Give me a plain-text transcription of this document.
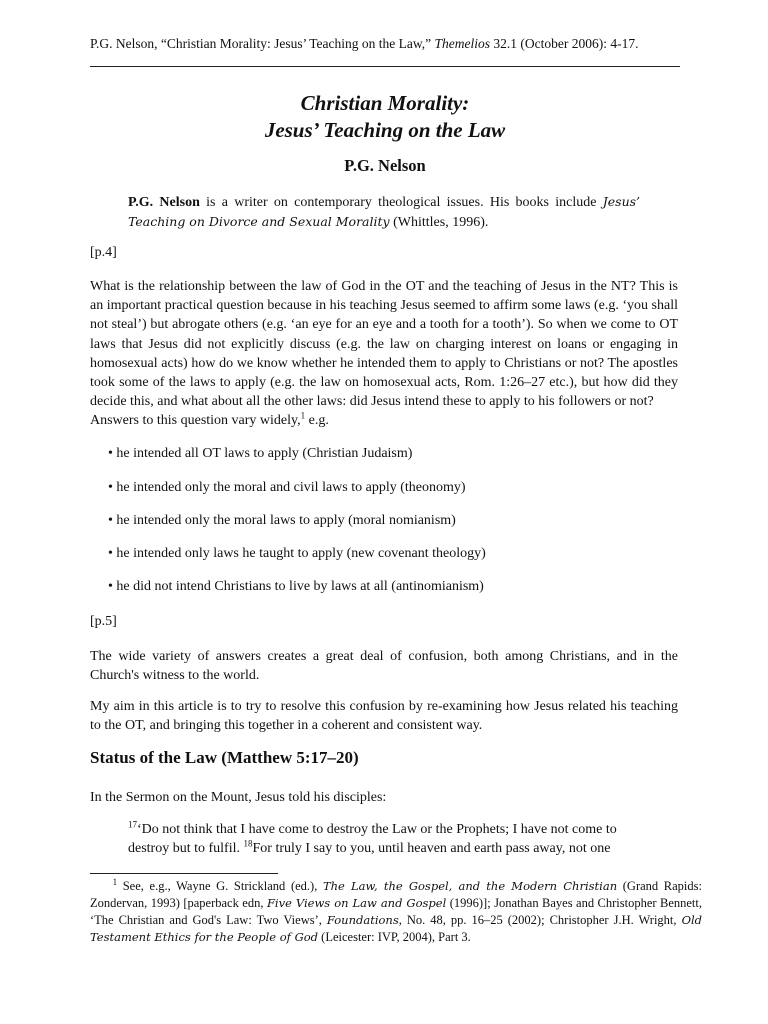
P.G. Nelson, “Christian Morality: Jesus’ Teaching on the Law,” Themelios 32.1 (October 2006): 4-17.
Christian Morality:
Jesus’ Teaching on the Law
P.G. Nelson
P.G. Nelson is a writer on contemporary theological issues. His books include Jesus’ Teaching on Divorce and Sexual Morality (Whittles, 1996).
[p.4]
What is the relationship between the law of God in the OT and the teaching of Jesus in the NT? This is an important practical question because in his teaching Jesus seemed to affirm some laws (e.g. ‘you shall not steal’) but abrogate others (e.g. ‘an eye for an eye and a tooth for a tooth’). So when we come to OT laws that Jesus did not explicitly discuss (e.g. the law on charging interest on loans or engaging in homosexual acts) how do we know whether he intended them to apply to Christians or not? The apostles took some of the laws to apply (e.g. the law on homosexual acts, Rom. 1:26–27 etc.), but how did they decide this, and what about all the other laws: did Jesus intend these to apply to his followers or not?
Answers to this question vary widely,$^1$ e.g.
• he intended all OT laws to apply (Christian Judaism)
• he intended only the moral and civil laws to apply (theonomy)
• he intended only the moral laws to apply (moral nomianism)
• he intended only laws he taught to apply (new covenant theology)
• he did not intend Christians to live by laws at all (antinomianism)
[p.5]
The wide variety of answers creates a great deal of confusion, both among Christians, and in the Church's witness to the world.
My aim in this article is to try to resolve this confusion by re-examining how Jesus related his teaching to the OT, and bringing this together in a coherent and consistent way.
Status of the Law (Matthew 5:17–20)
In the Sermon on the Mount, Jesus told his disciples:
$^{17}$‘Do not think that I have come to destroy the Law or the Prophets; I have not come to destroy but to fulfil. $^{18}$For truly I say to you, until heaven and earth pass away, not one
$^1$ See, e.g., Wayne G. Strickland (ed.), The Law, the Gospel, and the Modern Christian (Grand Rapids: Zondervan, 1993) [paperback edn, Five Views on Law and Gospel (1996)]; Jonathan Bayes and Christopher Bennett, ‘The Christian and God's Law: Two Views’, Foundations, No. 48, pp. 16–25 (2002); Christopher J.H. Wright, Old Testament Ethics for the People of God (Leicester: IVP, 2004), Part 3.
